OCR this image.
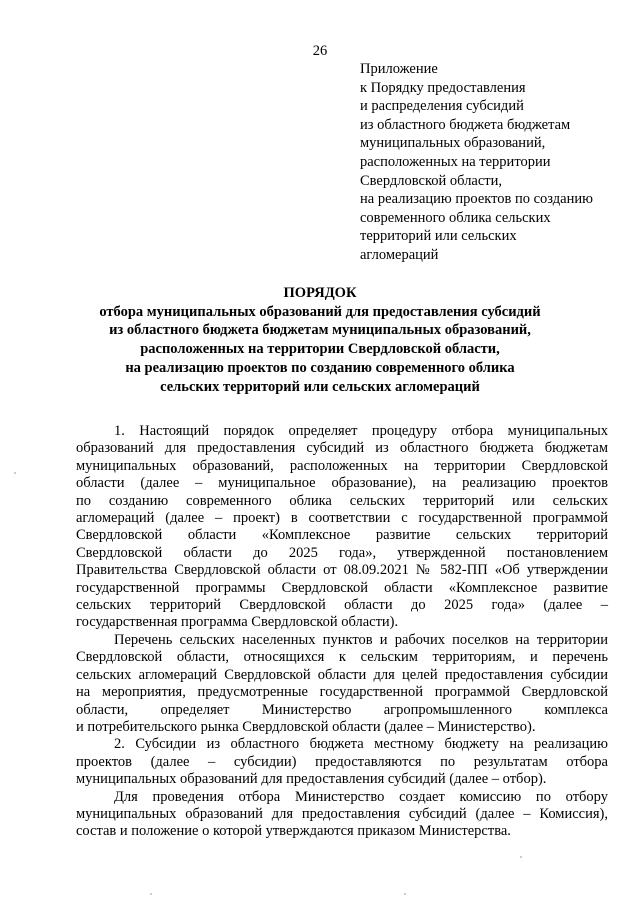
26
Приложение
к Порядку предоставления
и распределения субсидий
из областного бюджета бюджетам
муниципальных образований,
расположенных на территории
Свердловской области,
на реализацию проектов по созданию
современного облика сельских
территорий или сельских
агломераций
ПОРЯДОК
отбора муниципальных образований для предоставления субсидий
из областного бюджета бюджетам муниципальных образований,
расположенных на территории Свердловской области,
на реализацию проектов по созданию современного облика
сельских территорий или сельских агломераций
1. Настоящий порядок определяет процедуру отбора муниципальных
образований для предоставления субсидий из областного бюджета бюджетам
муниципальных образований, расположенных на территории Свердловской
области (далее – муниципальное образование), на реализацию проектов
по созданию современного облика сельских территорий или сельских
агломераций (далее – проект) в соответствии с государственной программой
Свердловской области «Комплексное развитие сельских территорий
Свердловской области до 2025 года», утвержденной постановлением
Правительства Свердловской области от 08.09.2021 № 582-ПП «Об утверждении
государственной программы Свердловской области «Комплексное развитие
сельских территорий Свердловской области до 2025 года» (далее –
государственная программа Свердловской области).
Перечень сельских населенных пунктов и рабочих поселков на территории
Свердловской области, относящихся к сельским территориям, и перечень
сельских агломераций Свердловской области для целей предоставления субсидии
на мероприятия, предусмотренные государственной программой Свердловской
области, определяет Министерство агропромышленного комплекса
и потребительского рынка Свердловской области (далее – Министерство).
2. Субсидии из областного бюджета местному бюджету на реализацию
проектов (далее – субсидии) предоставляются по результатам отбора
муниципальных образований для предоставления субсидий (далее – отбор).
Для проведения отбора Министерство создает комиссию по отбору
муниципальных образований для предоставления субсидий (далее – Комиссия),
состав и положение о которой утверждаются приказом Министерства.
